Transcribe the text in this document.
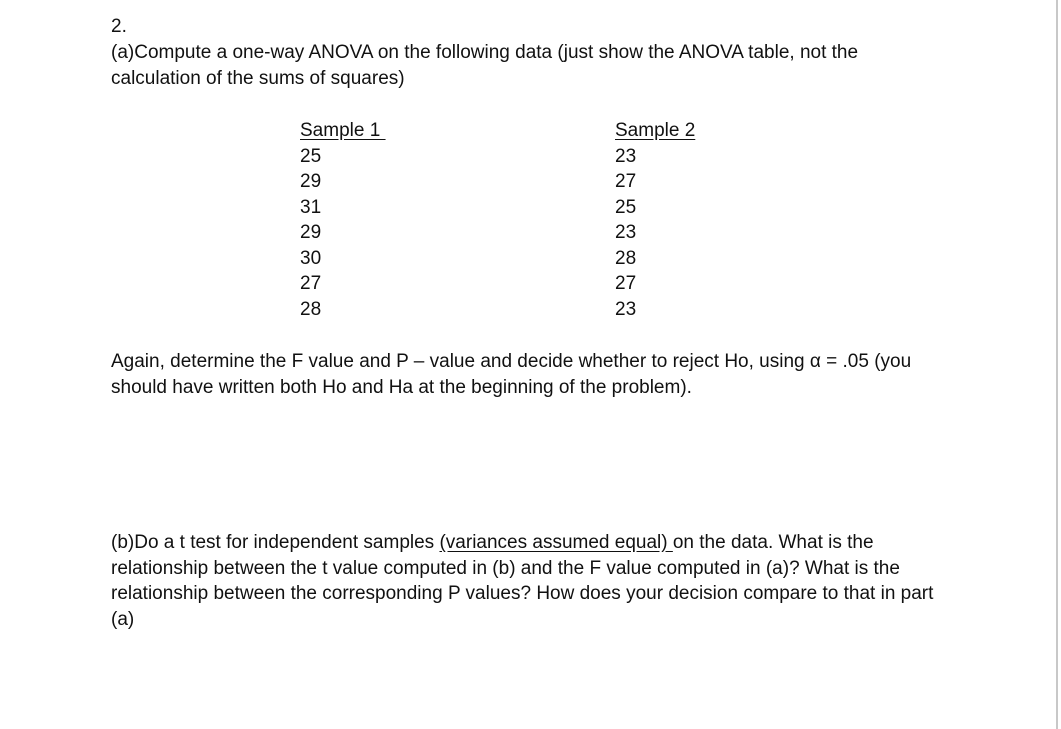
2.

(a)Compute a one-way ANOVA on the following data (just show the ANOVA table, not the calculation of the sums of squares)

Sample 1
25
29
31
29
30
27
28
Sample 2
23
27
25
23
28
27
23

Again, determine the F value and P – value and decide whether to reject Ho, using α = .05 (you should have written both Ho and Ha at the beginning of the problem).

(b)Do a t test for independent samples (variances assumed equal) on the data. What is the relationship between the t value computed in (b) and the F value computed in (a)? What is the relationship between the corresponding P values? How does your decision compare to that in part (a)
